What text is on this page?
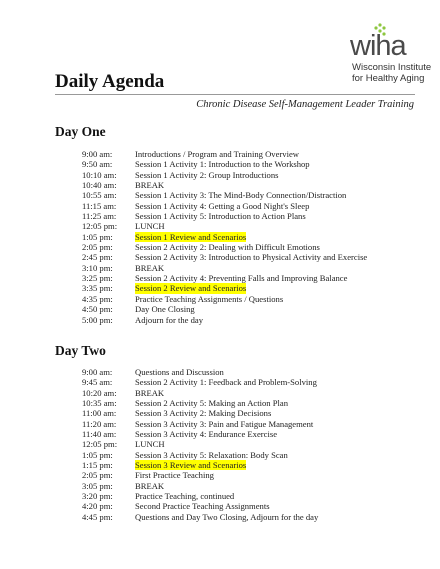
wiha
Wisconsin Institute
for Healthy Aging
Daily Agenda
Chronic Disease Self-Management Leader Training
Day One
9:00 am:	Introductions / Program and Training Overview
9:50 am:	Session 1 Activity 1: Introduction to the Workshop
10:10 am: Session 1 Activity 2: Group Introductions
10:40 am: BREAK
10:55 am: Session 1 Activity 3: The Mind-Body Connection/Distraction
11:15 am: Session 1 Activity 4: Getting a Good Night's Sleep
11:25 am: Session 1 Activity 5: Introduction to Action Plans
12:05 pm: LUNCH
1:05 pm:	Session 1 Review and Scenarios
2:05 pm:	Session 2 Activity 2: Dealing with Difficult Emotions
2:45 pm:	Session 2 Activity 3: Introduction to Physical Activity and Exercise
3:10 pm:	BREAK
3:25 pm:	Session 2 Activity 4: Preventing Falls and Improving Balance
3:35 pm:	Session 2 Review and Scenarios
4:35 pm:	Practice Teaching Assignments / Questions
4:50 pm:	Day One Closing
5:00 pm:	Adjourn for the day
Day Two
9:00 am:	Questions and Discussion
9:45 am:	Session 2 Activity 1: Feedback and Problem-Solving
10:20 am: BREAK
10:35 am: Session 2 Activity 5: Making an Action Plan
11:00 am: Session 3 Activity 2: Making Decisions
11:20 am: Session 3 Activity 3: Pain and Fatigue Management
11:40 am: Session 3 Activity 4: Endurance Exercise
12:05 pm: LUNCH
1:05 pm:	Session 3 Activity 5: Relaxation: Body Scan
1:15 pm:	Session 3 Review and Scenarios
2:05 pm:	First Practice Teaching
3:05 pm:	BREAK
3:20 pm:	Practice Teaching, continued
4:20 pm:	Second Practice Teaching Assignments
4:45 pm:	Questions and Day Two Closing, Adjourn for the day
